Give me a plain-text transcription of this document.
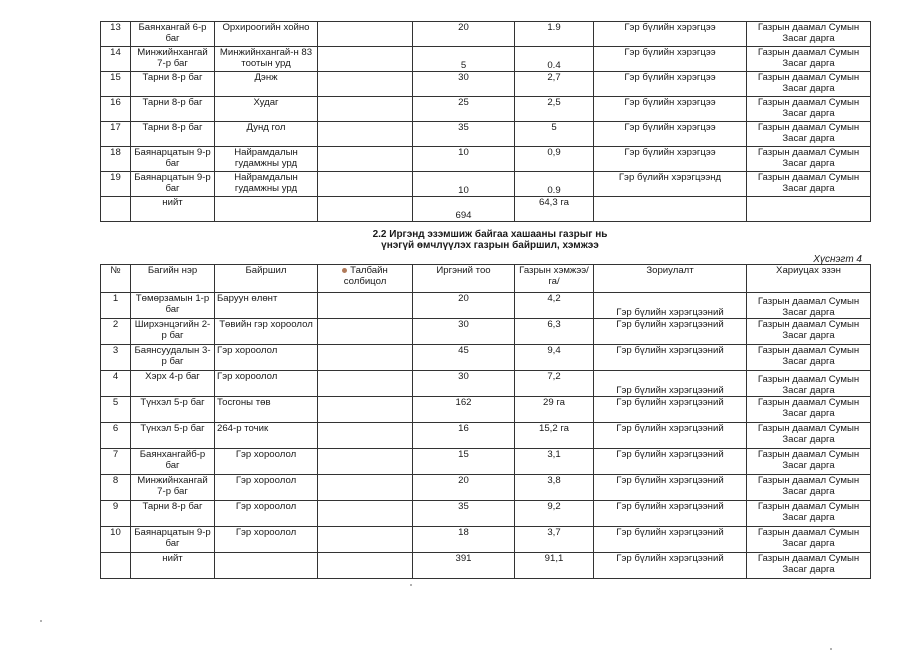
13	Баянхангай 6-р баг	Орхироогийн хойно		20	1.9	Гэр бүлийн хэрэгцээ	Газрын даамал Сумын Засаг дарга
14	Минжийнхангай 7-р баг	Минжийнхангай-н 83 тоотын урд		5	0.4	Гэр бүлийн хэрэгцээ	Газрын даамал Сумын Засаг дарга
15	Тарни 8-р баг	Дэнж		30	2,7	Гэр бүлийн хэрэгцээ	Газрын даамал Сумын Засаг дарга
16	Тарни 8-р баг	Худаг		25	2,5	Гэр бүлийн хэрэгцээ	Газрын даамал Сумын Засаг дарга
17	Тарни 8-р баг	Дунд гол		35	5	Гэр бүлийн хэрэгцээ	Газрын даамал Сумын Засаг дарга
18	Баянарцатын 9-р баг	Найрамдалын гудамжны урд		10	0,9	Гэр бүлийн хэрэгцээ	Газрын даамал Сумын Засаг дарга
19	Баянарцатын 9-р баг	Найрамдалын гудамжны урд		10	0.9	Гэр бүлийн хэрэгцээнд	Газрын даамал Сумын Засаг дарга
	нийт			694	64,3 га		
2.2 Иргэнд эзэмшиж байгаа хашааны газрыг нь
үнэгүй өмчлүүлэх газрын байршил, хэмжээ
Хүснэгт 4
№	Багийн нэр	Байршил	Талбайн солбицол	Иргэний тоо	Газрын хэмжээ/га/	Зориулалт	Хариуцах эзэн
1	Төмөрзамын 1-р баг	Баруун өлөнт		20	4,2	Гэр бүлийн хэрэгцээний	Газрын даамал Сумын Засаг дарга
2	Ширхэнцэгийн 2-р баг	Төвийн гэр хороолол		30	6,3	Гэр бүлийн хэрэгцээний	Газрын даамал Сумын Засаг дарга
3	Баянсуудалын 3-р баг	Гэр хороолол		45	9,4	Гэр бүлийн хэрэгцээний	Газрын даамал Сумын Засаг дарга
4	Хэрх 4-р баг	Гэр хороолол		30	7,2	Гэр бүлийн хэрэгцээний	Газрын даамал Сумын Засаг дарга
5	Түнхэл 5-р баг	Тосгоны төв		162	29 га	Гэр бүлийн хэрэгцээний	Газрын даамал Сумын Засаг дарга
6	Түнхэл 5-р баг	264-р точик		16	15,2 га	Гэр бүлийн хэрэгцээний	Газрын даамал Сумын Засаг дарга
7	Баянхангайб-р баг	Гэр хороолол		15	3,1	Гэр бүлийн хэрэгцээний	Газрын даамал Сумын Засаг дарга
8	Минжийнхангай 7-р баг	Гэр хороолол		20	3,8	Гэр бүлийн хэрэгцээний	Газрын даамал Сумын Засаг дарга
9	Тарни 8-р баг	Гэр хороолол		35	9,2	Гэр бүлийн хэрэгцээний	Газрын даамал Сумын Засаг дарга
10	Баянарцатын 9-р баг	Гэр хороолол		18	3,7	Гэр бүлийн хэрэгцээний	Газрын даамал Сумын Засаг дарга
	нийт			391	91,1	Гэр бүлийн хэрэгцээний	Газрын даамал Сумын Засаг дарга
